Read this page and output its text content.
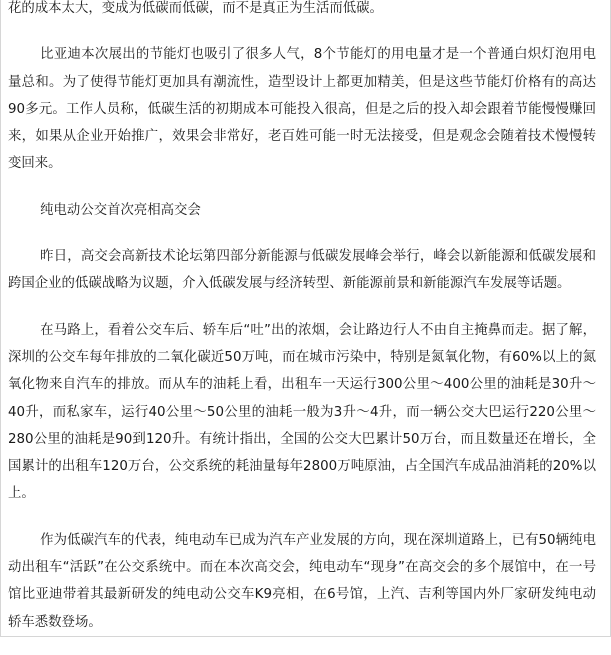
花的成本太大，变成为低碳而低碳，而不是真正为生活而低碳。

比亚迪本次展出的节能灯也吸引了很多人气，8个节能灯的用电量才是一个普通白炽灯泡用电量总和。为了使得节能灯更加具有潮流性，造型设计上都更加精美，但是这些节能灯价格有的高达90多元。工作人员称，低碳生活的初期成本可能投入很高，但是之后的投入却会跟着节能慢慢赚回来，如果从企业开始推广，效果会非常好，老百姓可能一时无法接受，但是观念会随着技术慢慢转变回来。

纯电动公交首次亮相高交会

昨日，高交会高新技术论坛第四部分新能源与低碳发展峰会举行，峰会以新能源和低碳发展和跨国企业的低碳战略为议题，介入低碳发展与经济转型、新能源前景和新能源汽车发展等话题。

在马路上，看着公交车后、轿车后“吐”出的浓烟，会让路边行人不由自主掩鼻而走。据了解，深圳的公交车每年排放的二氧化碳近50万吨，而在城市污染中，特别是氮氧化物，有60%以上的氮氧化物来自汽车的排放。而从车的油耗上看，出租车一天运行300公里～400公里的油耗是30升～40升，而私家车，运行40公里～50公里的油耗一般为3升～4升，而一辆公交大巴运行220公里～280公里的油耗是90到120升。有统计指出，全国的公交大巴累计50万台，而且数量还在增长，全国累计的出租车120万台，公交系统的耗油量每年2800万吨原油，占全国汽车成品油消耗的20%以上。

作为低碳汽车的代表，纯电动车已成为汽车产业发展的方向，现在深圳道路上，已有50辆纯电动出租车“活跃”在公交系统中。而在本次高交会，纯电动车“现身”在高交会的多个展馆中，在一号馆比亚迪带着其最新研发的纯电动公交车K9亮相，在6号馆，上汽、吉利等国内外厂家研发纯电动轿车悉数登场。
